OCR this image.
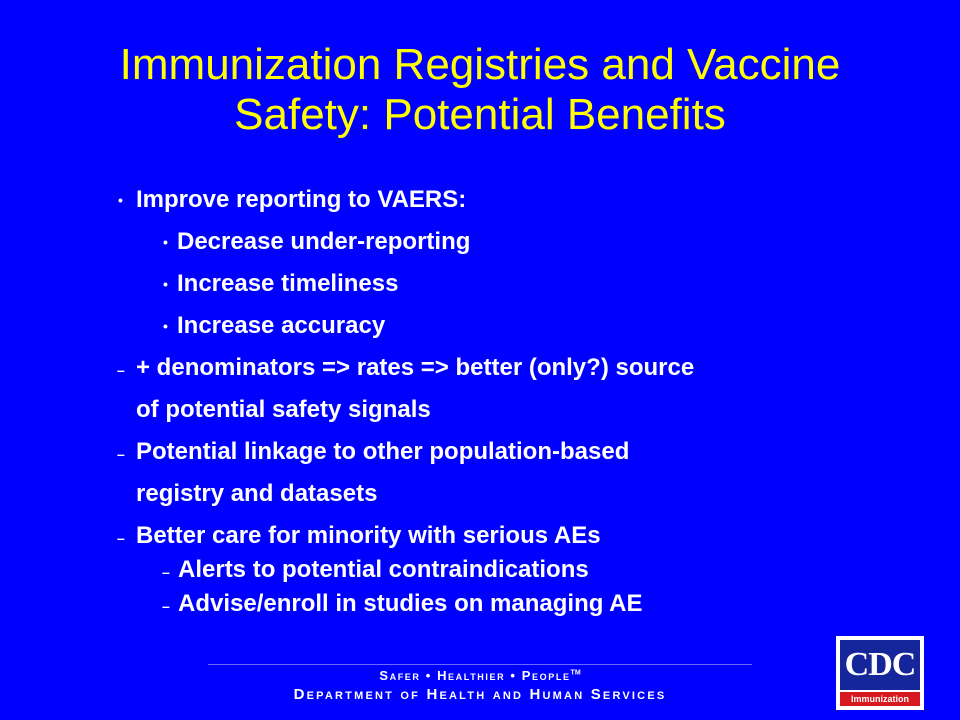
Immunization Registries and Vaccine
Safety: Potential Benefits
• Improve reporting to VAERS:
• Decrease under-reporting
• Increase timeliness
• Increase accuracy
– + denominators => rates => better (only?) source
of potential safety signals
– Potential linkage to other population-based
registry and datasets
– Better care for minority with serious AEs
– Alerts to potential contraindications
– Advise/enroll in studies on managing AE
Safer • Healthier • People™
Department of Health and Human Services
CDC
Immunization
